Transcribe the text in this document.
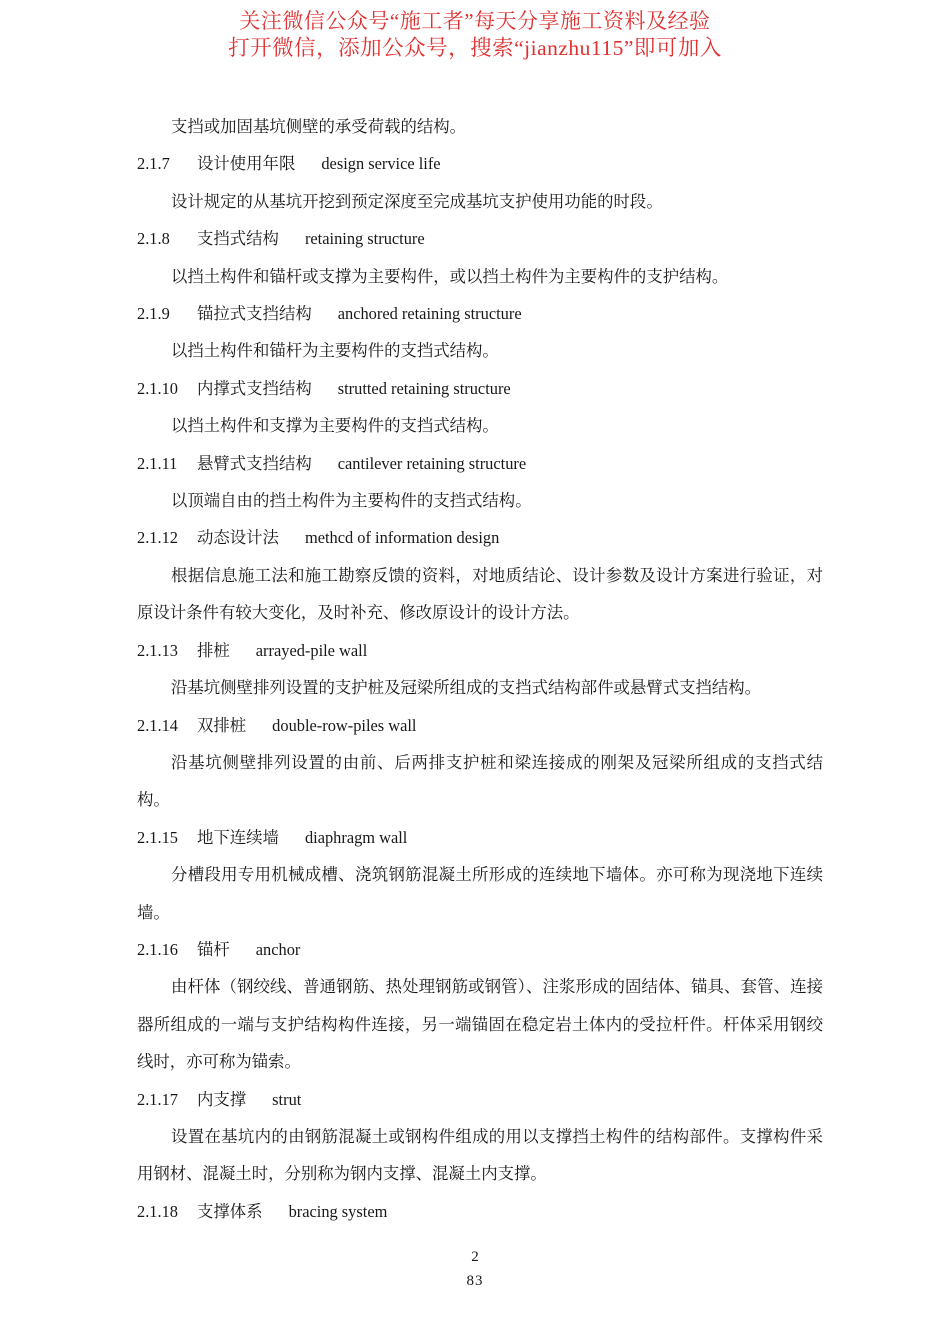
关注微信公众号“施工者”每天分享施工资料及经验
打开微信，添加公众号，搜索“jianzhu115”即可加入

支挡或加固基坑侧壁的承受荷载的结构。

2.1.7 设计使用年限 design service life

设计规定的从基坑开挖到预定深度至完成基坑支护使用功能的时段。

2.1.8 支挡式结构 retaining structure

以挡土构件和锚杆或支撑为主要构件，或以挡土构件为主要构件的支护结构。

2.1.9 锚拉式支挡结构 anchored retaining structure

以挡土构件和锚杆为主要构件的支挡式结构。

2.1.10 内撑式支挡结构 strutted retaining structure

以挡土构件和支撑为主要构件的支挡式结构。

2.1.11 悬臂式支挡结构 cantilever retaining structure

以顶端自由的挡土构件为主要构件的支挡式结构。

2.1.12 动态设计法 methcd of information design

根据信息施工法和施工勘察反馈的资料，对地质结论、设计参数及设计方案进行验证，对原设计条件有较大变化，及时补充、修改原设计的设计方法。

2.1.13 排桩 arrayed-pile wall

沿基坑侧壁排列设置的支护桩及冠梁所组成的支挡式结构部件或悬臂式支挡结构。

2.1.14 双排桩 double-row-piles wall

沿基坑侧壁排列设置的由前、后两排支护桩和梁连接成的刚架及冠梁所组成的支挡式结构。

2.1.15 地下连续墙 diaphragm wall

分槽段用专用机械成槽、浇筑钢筋混凝土所形成的连续地下墙体。亦可称为现浇地下连续墙。

2.1.16 锚杆 anchor

由杆体（钢绞线、普通钢筋、热处理钢筋或钢管）、注浆形成的固结体、锚具、套管、连接器所组成的一端与支护结构构件连接，另一端锚固在稳定岩土体内的受拉杆件。杆体采用钢绞线时，亦可称为锚索。

2.1.17 内支撑 strut

设置在基坑内的由钢筋混凝土或钢构件组成的用以支撑挡土构件的结构部件。支撑构件采用钢材、混凝土时，分别称为钢内支撑、混凝土内支撑。

2.1.18 支撑体系 bracing system

2
83
